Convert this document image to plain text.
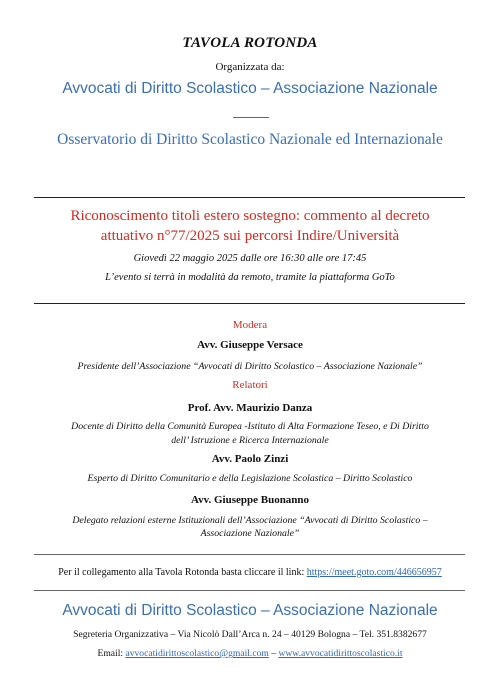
TAVOLA ROTONDA
Organizzata da:
Avvocati di Diritto Scolastico – Associazione Nazionale
Osservatorio di Diritto Scolastico Nazionale ed Internazionale
Riconoscimento titoli estero sostegno: commento al decreto
attuativo n°77/2025 sui percorsi Indire/Università
Giovedì 22 maggio 2025 dalle ore 16:30 alle ore 17:45
L’evento si terrà in modalità da remoto, tramite la piattaforma GoTo
Modera
Avv. Giuseppe Versace
Presidente dell’Associazione “Avvocati di Diritto Scolastico – Associazione Nazionale”
Relatori
Prof. Avv. Maurizio Danza
Docente di Diritto della Comunità Europea -Istituto di Alta Formazione Teseo, e Di Diritto
dell’ Istruzione e Ricerca Internazionale
Avv. Paolo Zinzi
Esperto di Diritto Comunitario e della Legislazione Scolastica – Diritto Scolastico
Avv. Giuseppe Buonanno
Delegato relazioni esterne Istituzionali dell’Associazione “Avvocati di Diritto Scolastico –
Associazione Nazionale”
Per il collegamento alla Tavola Rotonda basta cliccare il link: https://meet.goto.com/446656957
Avvocati di Diritto Scolastico – Associazione Nazionale
Segreteria Organizzativa – Via Nicolò Dall’Arca n. 24 – 40129 Bologna – Tel. 351.8382677
Email: avvocatidirittoscolastico@gmail.com – www.avvocatidirittoscolastico.it
